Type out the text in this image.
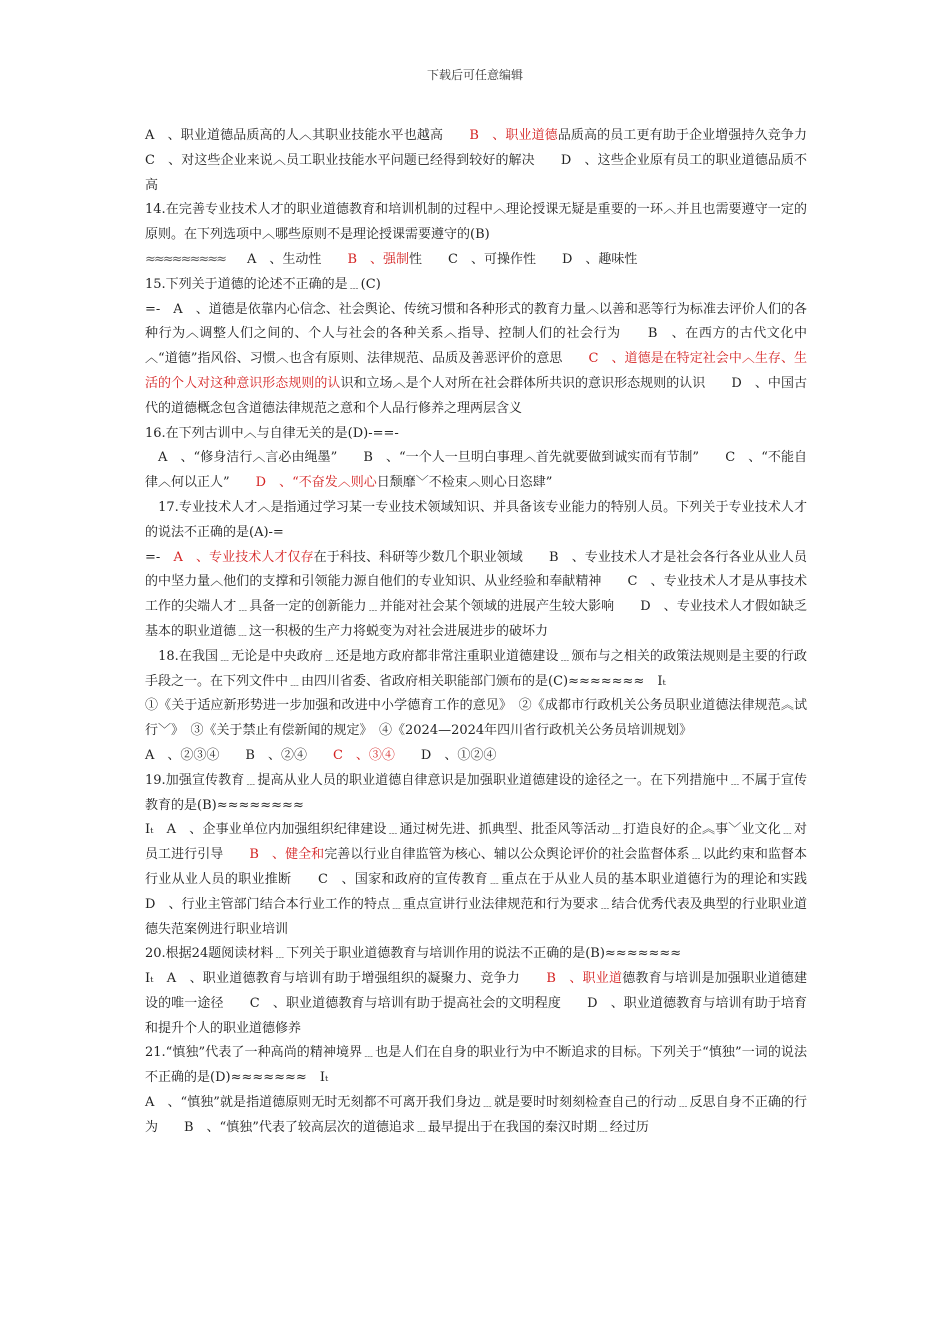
下载后可任意编辑

A　、职业道德品质高的人︿其职业技能水平也越高　　B　、职业道德品质高的员工更有助于企业增强持久竞争力　　C　、对这些企业来说︿员工职业技能水平问题已经得到较好的解决　　D　、这些企业原有员工的职业道德品质不高

14.在完善专业技术人才的职业道德教育和培训机制的过程中︿理论授课无疑是重要的一环︿并且也需要遵守一定的原则。在下列选项中︿哪些原则不是理论授课需要遵守的(B)

≈≈≈≈≈≈≈≈≈　　A　、生动性　　B　、强制性　　C　、可操作性　　D　、趣味性

15.下列关于道德的论述不正确的是﹍(C)

=-　A　、道德是依靠内心信念、社会舆论、传统习惯和各种形式的教育力量︿以善和恶等行为标准去评价人们的各种行为︿调整人们之间的、个人与社会的各种关系︿指导、控制人们的社会行为　　B　、在西方的古代文化中︿“道德”指风俗、习惯︿也含有原则、法律规范、品质及善恶评价的意思　　C　、道德是在特定社会中︿生存、生活的个人对这种意识形态规则的认识和立场︿是个人对所在社会群体所共识的意识形态规则的认识　　D　、中国古代的道德概念包含道德法律规范之意和个人品行修养之理两层含义

16.在下列古训中︿与自律无关的是(D)-==-

　A　、“修身洁行︿言必由绳墨”　　B　、“一个人一旦明白事理︿首先就要做到诚实而有节制”　　C　、“不能自律︿何以正人”　　D　、“不奋发︿则心日颓靡﹀不检束︿则心日恣肆”

　17.专业技术人才︿是指通过学习某一专业技术领域知识、并具备该专业能力的特别人员。下列关于专业技术人才的说法不正确的是(A)-=

=-　A　、专业技术人才仅存在于科技、科研等少数几个职业领域　　B　、专业技术人才是社会各行各业从业人员的中坚力量︿他们的支撑和引领能力源自他们的专业知识、从业经验和奉献精神　　C　、专业技术人才是从事技术工作的尖端人才﹍具备一定的创新能力﹍并能对社会某个领域的进展产生较大影响　　D　、专业技术人才假如缺乏基本的职业道德﹍这一积极的生产力将蜕变为对社会进展进步的破坏力

　18.在我国﹍无论是中央政府﹍还是地方政府都非常注重职业道德建设﹍颁布与之相关的政策法规则是主要的行政手段之一。在下列文件中﹍由四川省委、省政府相关职能部门颁布的是(C)≈≈≈≈≈≈≈　Iₜ

①《关于适应新形势进一步加强和改进中小学德育工作的意见》　②《成都市行政机关公务员职业道德法律规范︽试行﹀》　③《关于禁止有偿新闻的规定》　④《2024—2024年四川省行政机关公务员培训规划》

A　、②③④　　B　、②④　　C　、③④　　D　、①②④

19.加强宣传教育﹍提高从业人员的职业道德自律意识是加强职业道德建设的途径之一。在下列措施中﹍不属于宣传教育的是(B)≈≈≈≈≈≈≈≈

Iₜ　A　、企事业单位内加强组织纪律建设﹍通过树先进、抓典型、批歪风等活动﹍打造良好的企︽事﹀业文化﹍对员工进行引导　　B　、健全和完善以行业自律监管为核心、辅以公众舆论评价的社会监督体系﹍以此约束和监督本行业从业人员的职业推断　　C　、国家和政府的宣传教育﹍重点在于从业人员的基本职业道德行为的理论和实践　　D　、行业主管部门结合本行业工作的特点﹍重点宣讲行业法律规范和行为要求﹍结合优秀代表及典型的行业职业道德失范案例进行职业培训

20.根据24题阅读材料﹍下列关于职业道德教育与培训作用的说法不正确的是(B)≈≈≈≈≈≈≈

Iₜ　A　、职业道德教育与培训有助于增强组织的凝聚力、竞争力　　B　、职业道德教育与培训是加强职业道德建设的唯一途径　　C　、职业道德教育与培训有助于提高社会的文明程度　　D　、职业道德教育与培训有助于培育和提升个人的职业道德修养

21.“慎独”代表了一种高尚的精神境界﹍也是人们在自身的职业行为中不断追求的目标。下列关于“慎独”一词的说法不正确的是(D)≈≈≈≈≈≈≈　Iₜ

A　、“慎独”就是指道德原则无时无刻都不可离开我们身边﹍就是要时时刻刻检查自己的行动﹍反思自身不正确的行为　　B　、“慎独”代表了较高层次的道德追求﹍最早提出于在我国的秦汉时期﹍经过历
